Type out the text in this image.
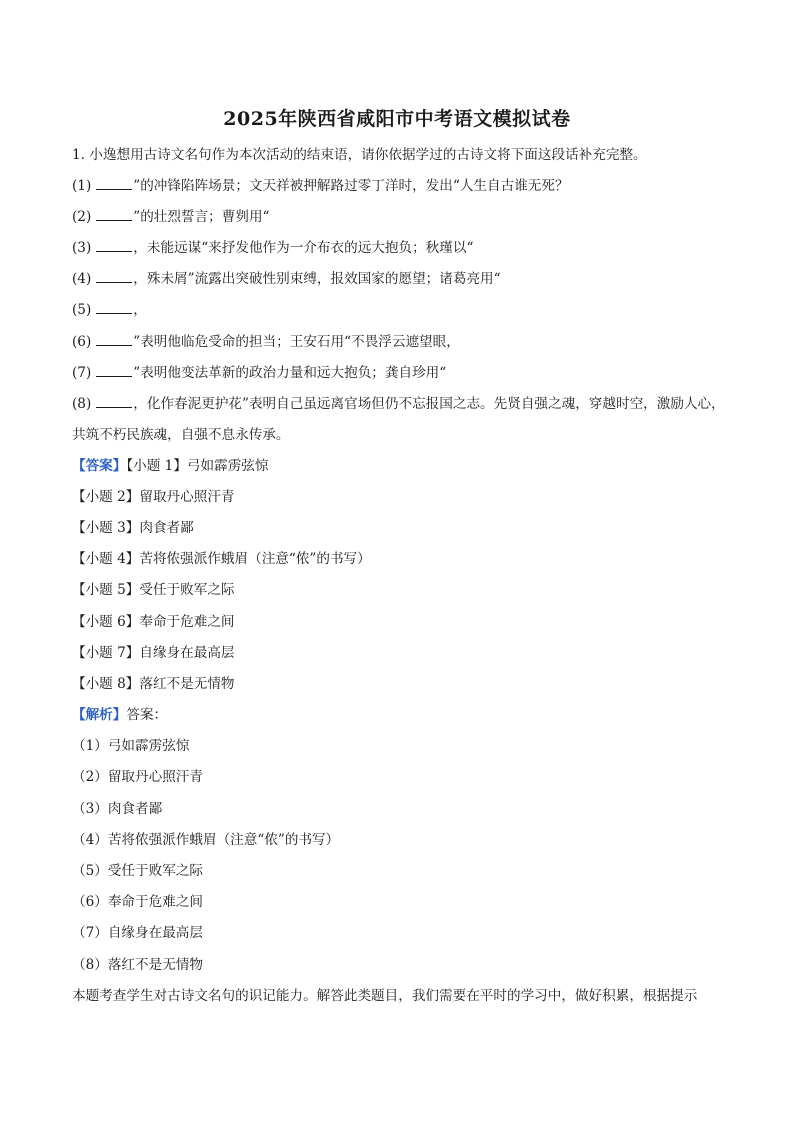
2025年陕西省咸阳市中考语文模拟试卷
1. 小逸想用古诗文名句作为本次活动的结束语，请你依据学过的古诗文将下面这段话补充完整。
(1)	”的冲锋陷阵场景；文天祥被押解路过零丁洋时，发出“人生自古谁无死？
(2)	”的壮烈誓言；曹刿用“
(3)	，未能远谋“来抒发他作为一介布衣的远大抱负；秋瑾以“
(4)	，殊未屑”流露出突破性别束缚，报效国家的愿望；诸葛亮用“
(5)	，
(6)	”表明他临危受命的担当；王安石用“不畏浮云遮望眼，
(7)	”表明他变法革新的政治力量和远大抱负；龚自珍用“
(8)	，化作春泥更护花”表明自己虽远离官场但仍不忘报国之志。先贤自强之魂，穿越时空，激励人心，共筑不朽民族魂，自强不息永传承。
【答案】【小题 1】弓如霹雳弦惊
【小题 2】留取丹心照汗青
【小题 3】肉食者鄙
【小题 4】苦将侬强派作蛾眉（注意“侬”的书写）
【小题 5】受任于败军之际
【小题 6】奉命于危难之间
【小题 7】自缘身在最高层
【小题 8】落红不是无情物
【解析】答案：
（1）弓如霹雳弦惊
（2）留取丹心照汗青
（3）肉食者鄙
（4）苦将侬强派作蛾眉（注意“侬”的书写）
（5）受任于败军之际
（6）奉命于危难之间
（7）自缘身在最高层
（8）落红不是无情物
本题考查学生对古诗文名句的识记能力。解答此类题目，我们需要在平时的学习中，做好积累，根据提示
